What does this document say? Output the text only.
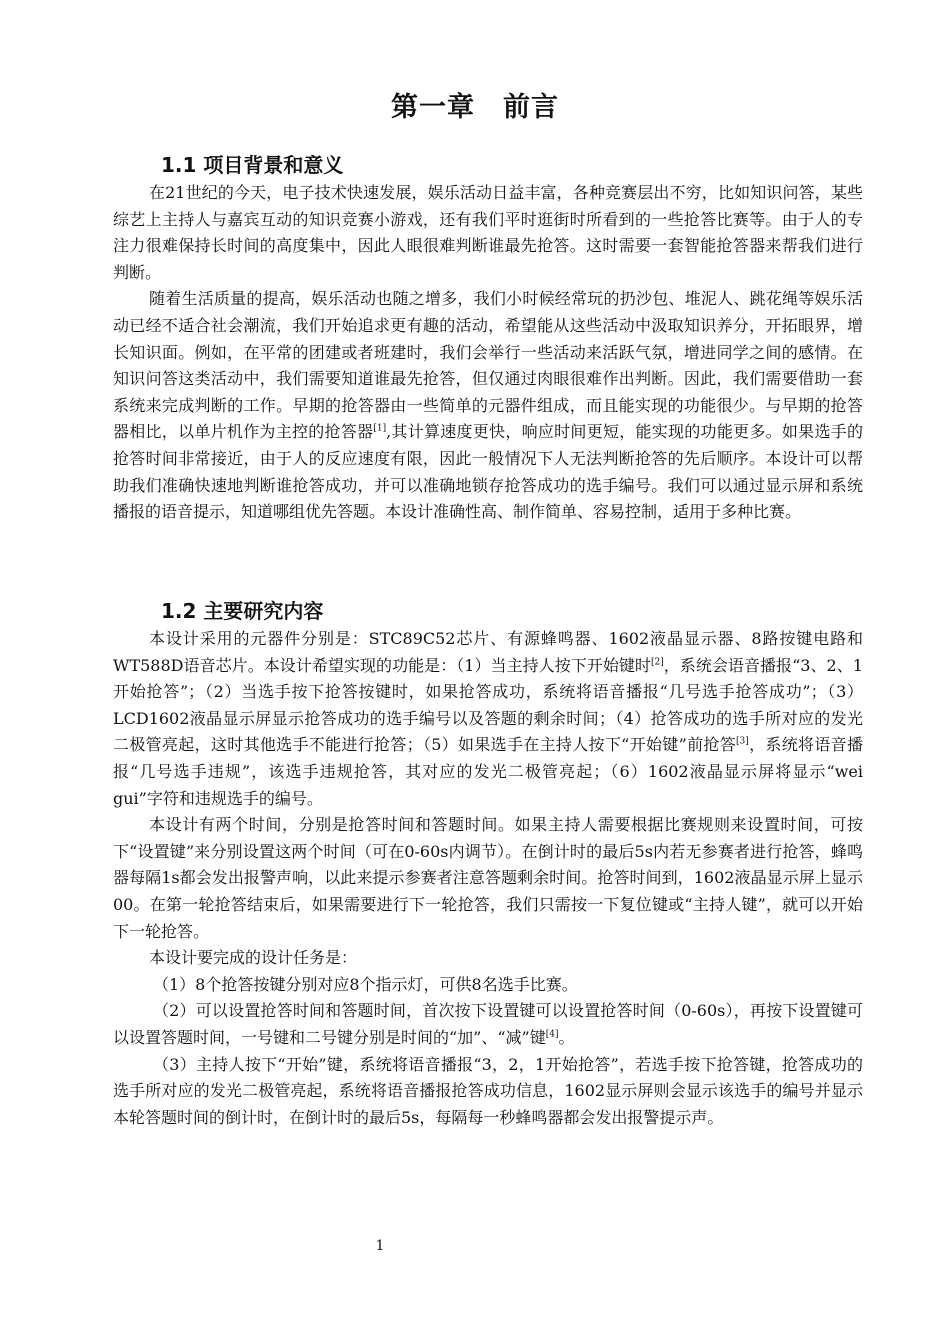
第一章　前言
1.1 项目背景和意义

在21世纪的今天，电子技术快速发展，娱乐活动日益丰富，各种竞赛层出不穷，比如知识问答，某些综艺上主持人与嘉宾互动的知识竞赛小游戏，还有我们平时逛街时所看到的一些抢答比赛等。由于人的专注力很难保持长时间的高度集中，因此人眼很难判断谁最先抢答。这时需要一套智能抢答器来帮我们进行判断。

随着生活质量的提高，娱乐活动也随之增多，我们小时候经常玩的扔沙包、堆泥人、跳花绳等娱乐活动已经不适合社会潮流，我们开始追求更有趣的活动，希望能从这些活动中汲取知识养分，开拓眼界，增长知识面。例如，在平常的团建或者班建时，我们会举行一些活动来活跃气氛，增进同学之间的感情。在知识问答这类活动中，我们需要知道谁最先抢答，但仅通过肉眼很难作出判断。因此，我们需要借助一套系统来完成判断的工作。早期的抢答器由一些简单的元器件组成，而且能实现的功能很少。与早期的抢答器相比，以单片机作为主控的抢答器[1],其计算速度更快，响应时间更短，能实现的功能更多。如果选手的抢答时间非常接近，由于人的反应速度有限，因此一般情况下人无法判断抢答的先后顺序。本设计可以帮助我们准确快速地判断谁抢答成功，并可以准确地锁存抢答成功的选手编号。我们可以通过显示屏和系统播报的语音提示，知道哪组优先答题。本设计准确性高、制作简单、容易控制，适用于多种比赛。

1.2 主要研究内容

本设计采用的元器件分别是：STC89C52芯片、有源蜂鸣器、1602液晶显示器、8路按键电路和WT588D语音芯片。本设计希望实现的功能是：（1）当主持人按下开始键时[2]，系统会语音播报“3、2、1开始抢答”；（2）当选手按下抢答按键时，如果抢答成功，系统将语音播报“几号选手抢答成功”；（3）LCD1602液晶显示屏显示抢答成功的选手编号以及答题的剩余时间；（4）抢答成功的选手所对应的发光二极管亮起，这时其他选手不能进行抢答；（5）如果选手在主持人按下“开始键”前抢答[3]，系统将语音播报“几号选手违规”，该选手违规抢答，其对应的发光二极管亮起；（6）1602液晶显示屏将显示“wei gui”字符和违规选手的编号。

本设计有两个时间，分别是抢答时间和答题时间。如果主持人需要根据比赛规则来设置时间，可按下“设置键”来分别设置这两个时间（可在0-60s内调节）。在倒计时的最后5s内若无参赛者进行抢答，蜂鸣器每隔1s都会发出报警声响，以此来提示参赛者注意答题剩余时间。抢答时间到，1602液晶显示屏上显示00。在第一轮抢答结束后，如果需要进行下一轮抢答，我们只需按一下复位键或“主持人键”，就可以开始下一轮抢答。

本设计要完成的设计任务是：

（1）8个抢答按键分别对应8个指示灯，可供8名选手比赛。

（2）可以设置抢答时间和答题时间，首次按下设置键可以设置抢答时间（0-60s），再按下设置键可以设置答题时间，一号键和二号键分别是时间的“加”、“减”键[4]。

（3）主持人按下“开始”键，系统将语音播报“3，2，1开始抢答”，若选手按下抢答键，抢答成功的选手所对应的发光二极管亮起，系统将语音播报抢答成功信息，1602显示屏则会显示该选手的编号并显示本轮答题时间的倒计时，在倒计时的最后5s，每隔每一秒蜂鸣器都会发出报警提示声。

1
